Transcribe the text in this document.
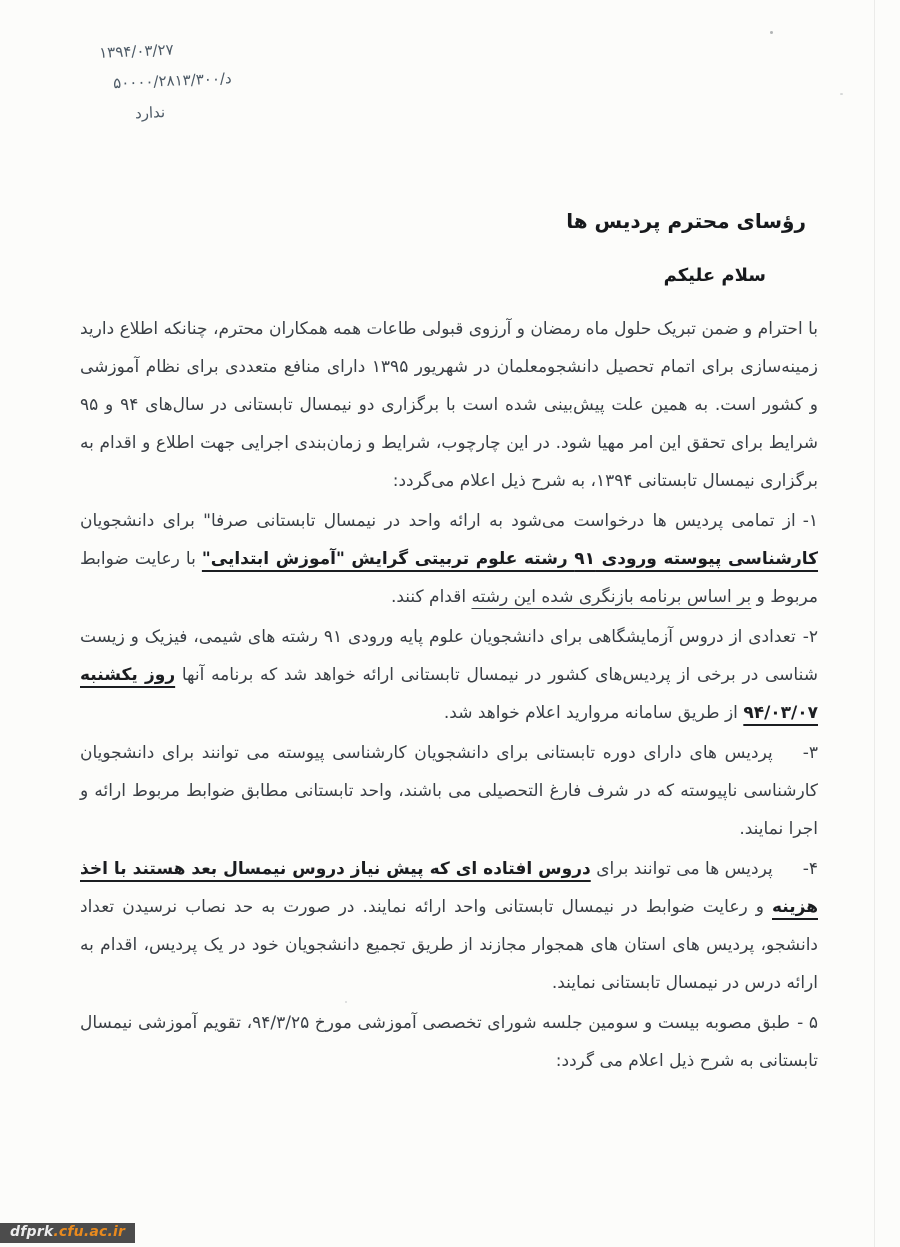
۱۳۹۴/۰۳/۲۷
د/۵۰۰۰۰/۲۸۱۳/۳۰۰
ندارد
رؤسای محترم پردیس ها
سلام علیکم

با احترام و ضمن تبریک حلول ماه رمضان و آرزوی قبولی طاعات همه همکاران محترم، چنانکه اطلاع دارید زمینه‌سازی برای اتمام تحصیل دانشجومعلمان در شهریور ۱۳۹۵ دارای منافع متعددی برای نظام آموزشی و کشور است. به همین علت پیش‌بینی شده است با برگزاری دو نیمسال تابستانی در سال‌های ۹۴ و ۹۵ شرایط برای تحقق این امر مهیا شود. در این چارچوب، شرایط و زمان‌بندی اجرایی جهت اطلاع و اقدام به برگزاری نیمسال تابستانی ۱۳۹۴، به شرح ذیل اعلام می‌گردد:

۱-از تمامی پردیس ها درخواست می‌شود به ارائه واحد در نیمسال تابستانی صرفا" برای دانشجویان کارشناسی پیوسته ورودی ۹۱ رشته علوم تربیتی گرایش "آموزش ابتدایی" با رعایت ضوابط مربوط و بر اساس برنامه بازنگری شده این رشته اقدام کنند.
۲-تعدادی از دروس آزمایشگاهی برای دانشجویان علوم پایه ورودی ۹۱ رشته های شیمی، فیزیک و زیست شناسی در برخی از پردیس‌های کشور در نیمسال تابستانی ارائه خواهد شد که برنامه آنها روز یکشنبه ۹۴/۰۳/۰۷ از طریق سامانه مروارید اعلام خواهد شد.
۳-پردیس های دارای دوره تابستانی برای دانشجویان کارشناسی پیوسته می توانند برای دانشجویان کارشناسی ناپیوسته که در شرف فارغ التحصیلی می باشند، واحد تابستانی مطابق ضوابط مربوط ارائه و اجرا نمایند.
۴-پردیس ها می توانند برای دروس افتاده ای که پیش نیاز دروس نیمسال بعد هستند با اخذ هزینه و رعایت ضوابط در نیمسال تابستانی واحد ارائه نمایند. در صورت به حد نصاب نرسیدن تعداد دانشجو، پردیس های استان های همجوار مجازند از طریق تجمیع دانشجویان خود در یک پردیس، اقدام به ارائه درس در نیمسال تابستانی نمایند.
۵ -طبق مصوبه بیست و سومین جلسه شورای تخصصی آموزشی مورخ ۹۴/۳/۲۵، تقویم آموزشی نیمسال تابستانی به شرح ذیل اعلام می گردد:
dfprk.cfu.ac.ir
